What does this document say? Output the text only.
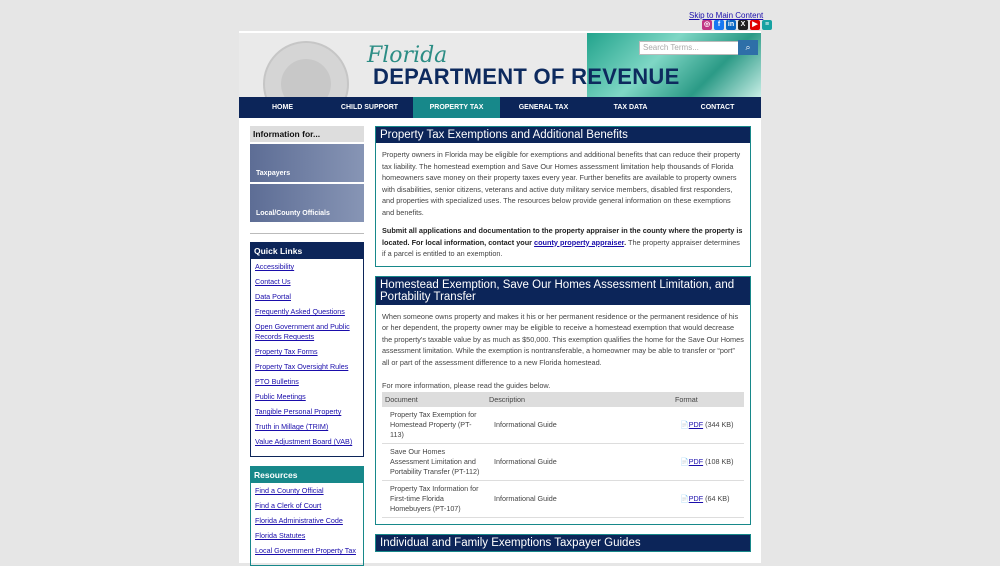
Skip to Main Content
◎	f	in X ▶	≡
Florida
DEPARTMENT OF REVENUE
Search Terms...	⌕
HOME	CHILD SUPPORT	PROPERTY TAX	GENERAL TAX	TAX DATA	CONTACT
Information for...
Taxpayers
Local/County Officials
Quick Links
Accessibility
Contact Us
Data Portal
Frequently Asked Questions
Open Government and Public Records Requests
Property Tax Forms
Property Tax Oversight Rules
PTO Bulletins
Public Meetings
Tangible Personal Property
Truth in Millage (TRIM)
Value Adjustment Board (VAB)
Resources
Find a County Official
Find a Clerk of Court
Florida Administrative Code
Florida Statutes
Local Government Property Tax
Property Tax Exemptions and Additional Benefits

Property owners in Florida may be eligible for exemptions and additional benefits that can reduce their property tax liability. The homestead exemption and Save Our Homes assessment limitation help thousands of Florida homeowners save money on their property taxes every year. Further benefits are available to property owners with disabilities, senior citizens, veterans and active duty military service members, disabled first responders, and properties with specialized uses. The resources below provide general information on these exemptions and benefits.

Submit all applications and documentation to the property appraiser in the county where the property is located. For local information, contact your county property appraiser. The property appraiser determines if a parcel is entitled to an exemption.

Homestead Exemption, Save Our Homes Assessment Limitation, and Portability Transfer

When someone owns property and makes it his or her permanent residence or the permanent residence of his or her dependent, the property owner may be eligible to receive a homestead exemption that would decrease the property's taxable value by as much as $50,000. This exemption qualifies the home for the Save Our Homes assessment limitation. While the exemption is nontransferable, a homeowner may be able to transfer or “port” all or part of the assessment difference to a new Florida homestead.

For more information, please read the guides below.

Document	Description	Format
Property Tax Exemption for Homestead Property (PT-113)	Informational Guide	📄PDF (344 KB)
Save Our Homes Assessment Limitation and Portability Transfer (PT-112)	Informational Guide	📄PDF (108 KB)
Property Tax Information for First-time Florida Homebuyers (PT-107)	Informational Guide	📄PDF (64 KB)
Individual and Family Exemptions Taxpayer Guides
